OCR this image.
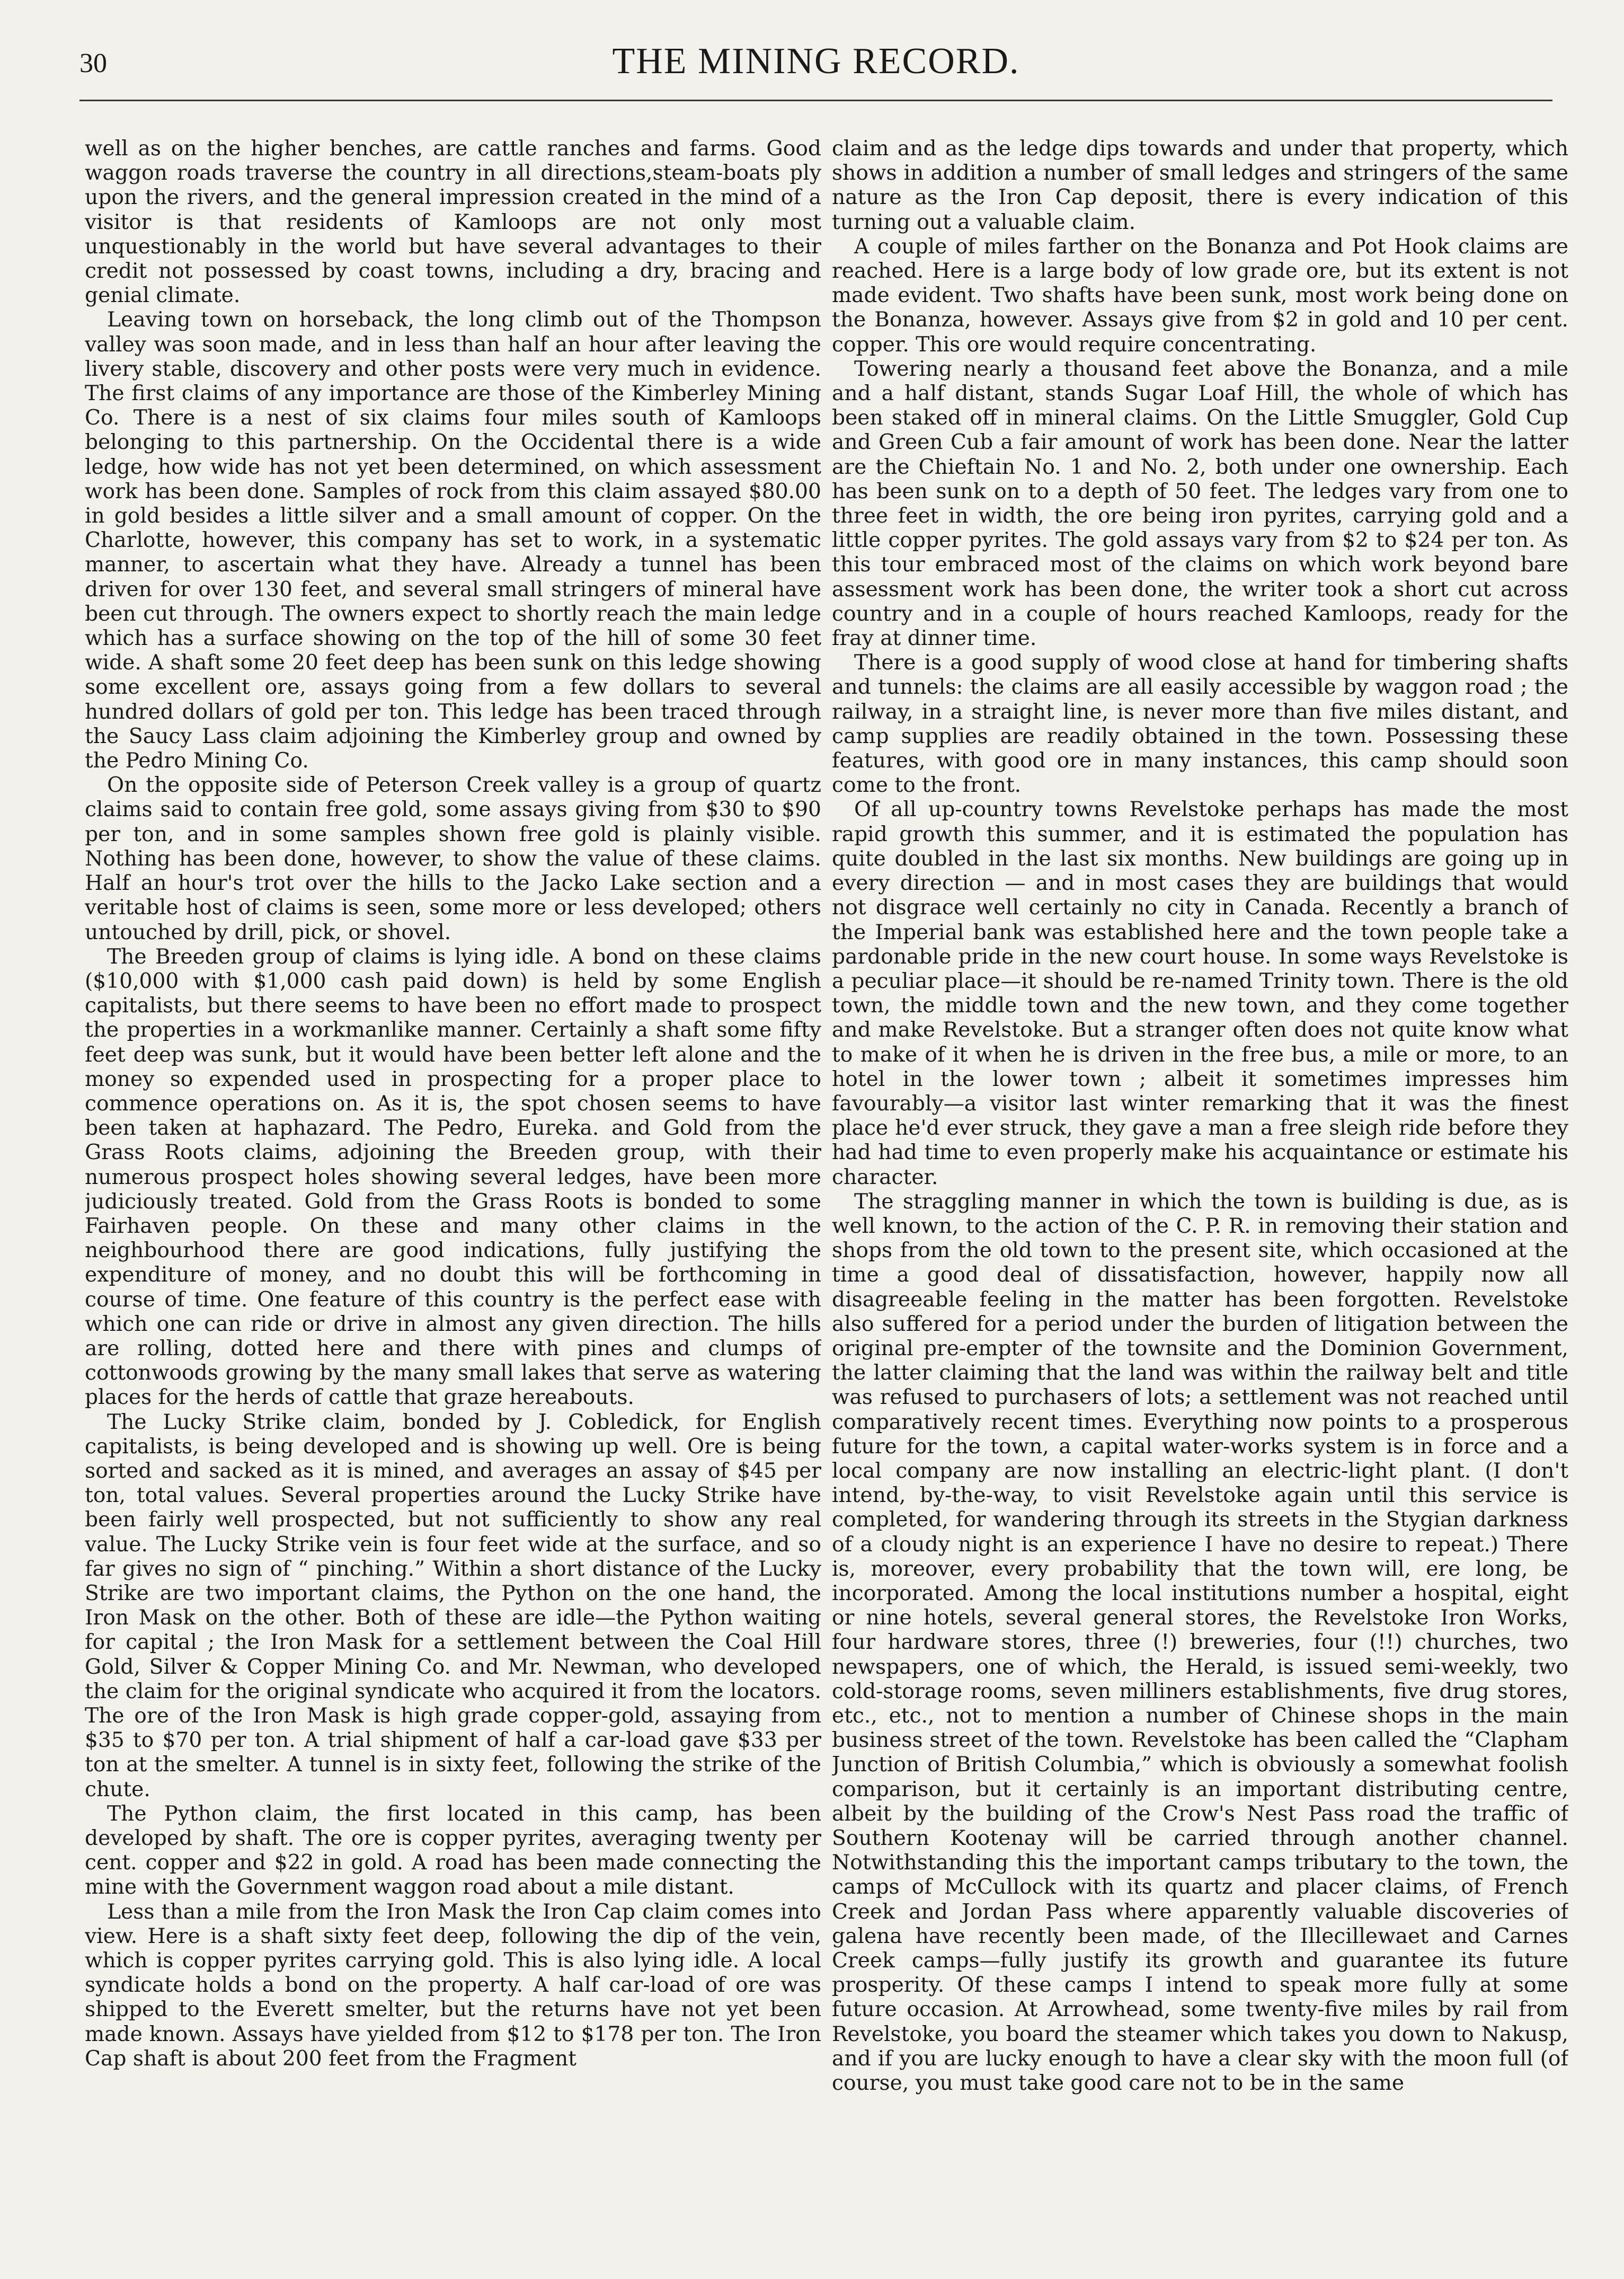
30	THE MINING RECORD.

well as on the higher benches, are cattle ranches and farms. Good waggon roads traverse the country in all directions,steam-boats ply upon the rivers, and the general impression created in the mind of a visitor is that residents of Kamloops are not only most unquestionably in the world but have several advantages to their credit not possessed by coast towns, including a dry, bracing and genial climate.

Leaving town on horseback, the long climb out of the Thompson valley was soon made, and in less than half an hour after leaving the livery stable, discovery and other posts were very much in evidence. The first claims of any importance are those of the Kimberley Mining Co. There is a nest of six claims four miles south of Kamloops belonging to this partnership. On the Occidental there is a wide ledge, how wide has not yet been determined, on which assessment work has been done. Samples of rock from this claim assayed $80.00 in gold besides a little silver and a small amount of copper. On the Charlotte, however, this company has set to work, in a systematic manner, to ascertain what they have. Already a tunnel has been driven for over 130 feet, and several small stringers of mineral have been cut through. The owners expect to shortly reach the main ledge which has a surface showing on the top of the hill of some 30 feet wide. A shaft some 20 feet deep has been sunk on this ledge showing some excellent ore, assays going from a few dollars to several hundred dollars of gold per ton. This ledge has been traced through the Saucy Lass claim adjoining the Kimberley group and owned by the Pedro Mining Co.

On the opposite side of Peterson Creek valley is a group of quartz claims said to contain free gold, some assays giving from $30 to $90 per ton, and in some samples shown free gold is plainly visible. Nothing has been done, however, to show the value of these claims. Half an hour's trot over the hills to the Jacko Lake section and a veritable host of claims is seen, some more or less developed; others untouched by drill, pick, or shovel.

The Breeden group of claims is lying idle. A bond on these claims ($10,000 with $1,000 cash paid down) is held by some English capitalists, but there seems to have been no effort made to prospect the properties in a workmanlike manner. Certainly a shaft some fifty feet deep was sunk, but it would have been better left alone and the money so expended used in prospecting for a proper place to commence operations on. As it is, the spot chosen seems to have been taken at haphazard. The Pedro, Eureka. and Gold from the Grass Roots claims, adjoining the Breeden group, with their numerous prospect holes showing several ledges, have been more judiciously treated. Gold from the Grass Roots is bonded to some Fairhaven people. On these and many other claims in the neighbourhood there are good indications, fully justifying the expenditure of money, and no doubt this will be forthcoming in course of time. One feature of this country is the perfect ease with which one can ride or drive in almost any given direction. The hills are rolling, dotted here and there with pines and clumps of cottonwoods growing by the many small lakes that serve as watering places for the herds of cattle that graze hereabouts.

The Lucky Strike claim, bonded by J. Cobledick, for English capitalists, is being developed and is showing up well. Ore is being sorted and sacked as it is mined, and averages an assay of $45 per ton, total values. Several properties around the Lucky Strike have been fairly well prospected, but not sufficiently to show any real value. The Lucky Strike vein is four feet wide at the surface, and so far gives no sign of “ pinching.” Within a short distance of the Lucky Strike are two important claims, the Python on the one hand, the Iron Mask on the other. Both of these are idle—the Python waiting for capital ; the Iron Mask for a settlement between the Coal Hill Gold, Silver & Copper Mining Co. and Mr. Newman, who developed the claim for the original syndicate who acquired it from the locators. The ore of the Iron Mask is high grade copper-gold, assaying from $35 to $70 per ton. A trial shipment of half a car-load gave $33 per ton at the smelter. A tunnel is in sixty feet, following the strike of the chute.

The Python claim, the first located in this camp, has been developed by shaft. The ore is copper pyrites, averaging twenty per cent. copper and $22 in gold. A road has been made connecting the mine with the Government waggon road about a mile distant.

Less than a mile from the Iron Mask the Iron Cap claim comes into view. Here is a shaft sixty feet deep, following the dip of the vein, which is copper pyrites carrying gold. This is also lying idle. A local syndicate holds a bond on the property. A half car-load of ore was shipped to the Everett smelter, but the returns have not yet been made known. Assays have yielded from $12 to $178 per ton. The Iron Cap shaft is about 200 feet from the Fragment

claim and as the ledge dips towards and under that property, which shows in addition a number of small ledges and stringers of the same nature as the Iron Cap deposit, there is every indication of this turning out a valuable claim.

A couple of miles farther on the Bonanza and Pot Hook claims are reached. Here is a large body of low grade ore, but its extent is not made evident. Two shafts have been sunk, most work being done on the Bonanza, however. Assays give from $2 in gold and 10 per cent. copper. This ore would require concentrating.

Towering nearly a thousand feet above the Bonanza, and a mile and a half distant, stands Sugar Loaf Hill, the whole of which has been staked off in mineral claims. On the Little Smuggler, Gold Cup and Green Cub a fair amount of work has been done. Near the latter are the Chieftain No. 1 and No. 2, both under one ownership. Each has been sunk on to a depth of 50 feet. The ledges vary from one to three feet in width, the ore being iron pyrites, carrying gold and a little copper pyrites. The gold assays vary from $2 to $24 per ton. As this tour embraced most of the claims on which work beyond bare assessment work has been done, the writer took a short cut across country and in a couple of hours reached Kamloops, ready for the fray at dinner time.

There is a good supply of wood close at hand for timbering shafts and tunnels: the claims are all easily accessible by waggon road ; the railway, in a straight line, is never more than five miles distant, and camp supplies are readily obtained in the town. Possessing these features, with good ore in many instances, this camp should soon come to the front.

Of all up-country towns Revelstoke perhaps has made the most rapid growth this summer, and it is estimated the population has quite doubled in the last six months. New buildings are going up in every direction — and in most cases they are buildings that would not disgrace well certainly no city in Canada. Recently a branch of the Imperial bank was established here and the town people take a pardonable pride in the new court house. In some ways Revelstoke is a peculiar place—it should be re-named Trinity town. There is the old town, the middle town and the new town, and they come together and make Revelstoke. But a stranger often does not quite know what to make of it when he is driven in the free bus, a mile or more, to an hotel in the lower town ; albeit it sometimes impresses him favourably—a visitor last winter remarking that it was the finest place he'd ever struck, they gave a man a free sleigh ride before they had had time to even properly make his acquaintance or estimate his character.

The straggling manner in which the town is building is due, as is well known, to the action of the C. P. R. in removing their station and shops from the old town to the present site, which occasioned at the time a good deal of dissatisfaction, however, happily now all disagreeable feeling in the matter has been forgotten. Revelstoke also suffered for a period under the burden of litigation between the original pre-empter of the townsite and the Dominion Government, the latter claiming that the land was within the railway belt and title was refused to purchasers of lots; a settlement was not reached until comparatively recent times. Everything now points to a prosperous future for the town, a capital water-works system is in force and a local company are now installing an electric-light plant. (I don't intend, by-the-way, to visit Revelstoke again until this service is completed, for wandering through its streets in the Stygian darkness of a cloudy night is an experience I have no desire to repeat.) There is, moreover, every probability that the town will, ere long, be incorporated. Among the local institutions number a hospital, eight or nine hotels, several general stores, the Revelstoke Iron Works, four hardware stores, three (!) breweries, four (!!) churches, two newspapers, one of which, the Herald, is issued semi-weekly, two cold-storage rooms, seven milliners establishments, five drug stores, etc., etc., not to mention a number of Chinese shops in the main business street of the town. Revelstoke has been called the “Clapham Junction of British Columbia,” which is obviously a somewhat foolish comparison, but it certainly is an important distributing centre, albeit by the building of the Crow's Nest Pass road the traffic of Southern Kootenay will be carried through another channel. Notwithstanding this the important camps tributary to the town, the camps of McCullock with its quartz and placer claims, of French Creek and Jordan Pass where apparently valuable discoveries of galena have recently been made, of the Illecillewaet and Carnes Creek camps—fully justify its growth and guarantee its future prosperity. Of these camps I intend to speak more fully at some future occasion. At Arrowhead, some twenty-five miles by rail from Revelstoke, you board the steamer which takes you down to Nakusp, and if you are lucky enough to have a clear sky with the moon full (of course, you must take good care not to be in the same
